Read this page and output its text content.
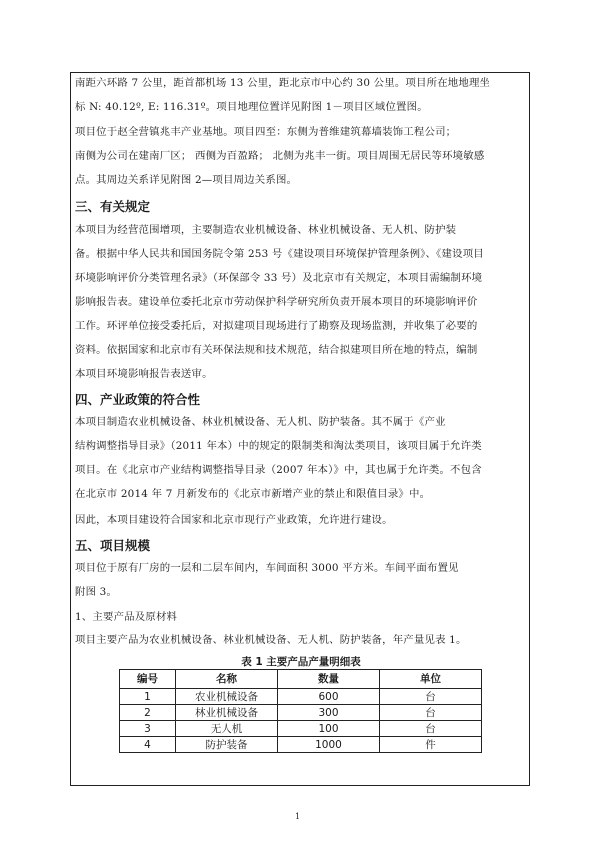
南距六环路 7 公里，距首都机场 13 公里，距北京市中心约 30 公里。项目所在地地理坐

标 N: 40.12º, E: 116.31º。项目地理位置详见附图 1－项目区域位置图。

项目位于赵全营镇兆丰产业基地。项目四至：东侧为普维建筑幕墙装饰工程公司；

南侧为公司在建南厂区； 西侧为百盈路； 北侧为兆丰一街。项目周围无居民等环境敏感

点。其周边关系详见附图 2—项目周边关系图。

三、有关规定

本项目为经营范围增项，主要制造农业机械设备、林业机械设备、无人机、防护装

备。根据中华人民共和国国务院令第 253 号《建设项目环境保护管理条例》、《建设项目

环境影响评价分类管理名录》（环保部令 33 号）及北京市有关规定，本项目需编制环境

影响报告表。建设单位委托北京市劳动保护科学研究所负责开展本项目的环境影响评价

工作。环评单位接受委托后，对拟建项目现场进行了勘察及现场监测，并收集了必要的

资料。依据国家和北京市有关环保法规和技术规范，结合拟建项目所在地的特点，编制

本项目环境影响报告表送审。

四、产业政策的符合性

本项目制造农业机械设备、林业机械设备、无人机、防护装备。其不属于《产业

结构调整指导目录》（2011 年本）中的规定的限制类和淘汰类项目，该项目属于允许类

项目。在《北京市产业结构调整指导目录（2007 年本）》中，其也属于允许类。不包含

在北京市 2014 年 7 月新发布的《北京市新增产业的禁止和限值目录》中。

因此，本项目建设符合国家和北京市现行产业政策，允许进行建设。

五、项目规模

项目位于原有厂房的一层和二层车间内，车间面积 3000 平方米。车间平面布置见

附图 3。

1、主要产品及原材料

项目主要产品为农业机械设备、林业机械设备、无人机、防护装备，年产量见表 1。

表 1 主要产品产量明细表
编号	名称	数量	单位
1	农业机械设备	600	台
2	林业机械设备	300	台
3	无人机	100	台
4	防护装备	1000	件
1
